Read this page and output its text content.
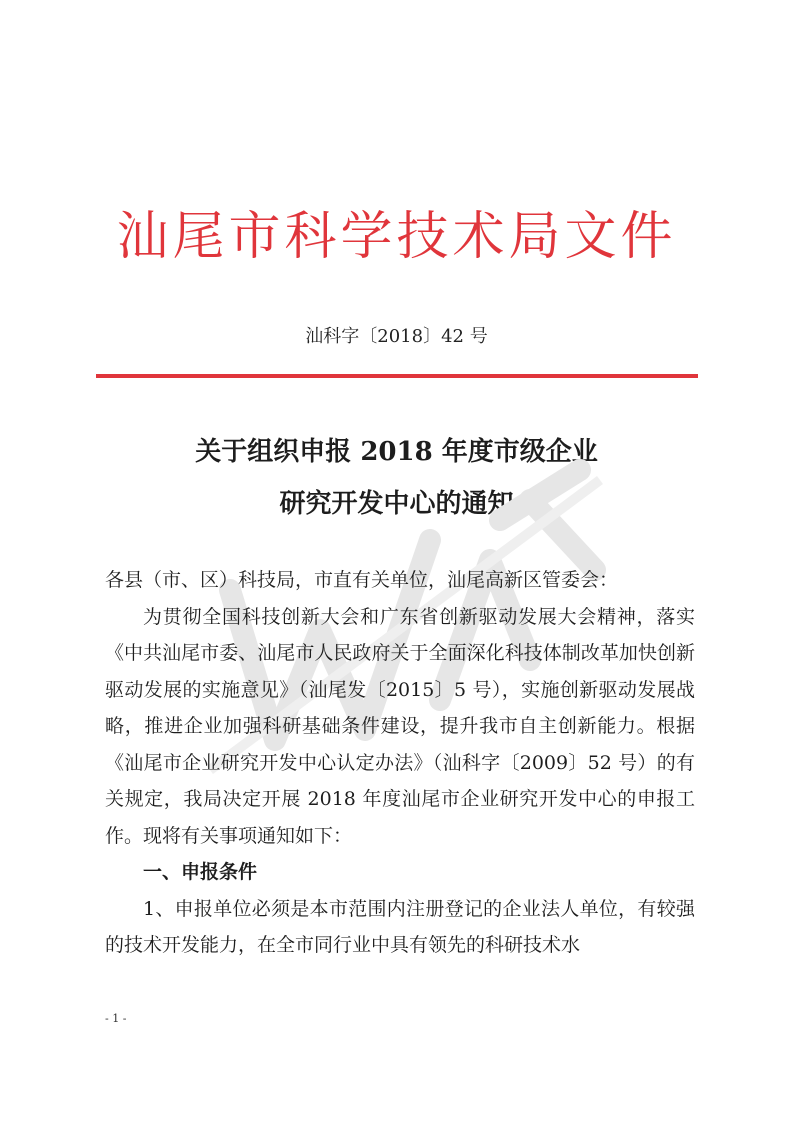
汕尾市科学技术局文件
汕科字〔2018〕42 号
关于组织申报 2018 年度市级企业
研究开发中心的通知

各县（市、区）科技局，市直有关单位，汕尾高新区管委会：

为贯彻全国科技创新大会和广东省创新驱动发展大会精神，落实《中共汕尾市委、汕尾市人民政府关于全面深化科技体制改革加快创新驱动发展的实施意见》（汕尾发〔2015〕5 号），实施创新驱动发展战略，推进企业加强科研基础条件建设，提升我市自主创新能力。根据《汕尾市企业研究开发中心认定办法》（汕科字〔2009〕52 号）的有关规定，我局决定开展 2018 年度汕尾市企业研究开发中心的申报工作。现将有关事项通知如下：

一、申报条件

1、申报单位必须是本市范围内注册登记的企业法人单位，有较强的技术开发能力，在全市同行业中具有领先的科研技术水

- 1 -
